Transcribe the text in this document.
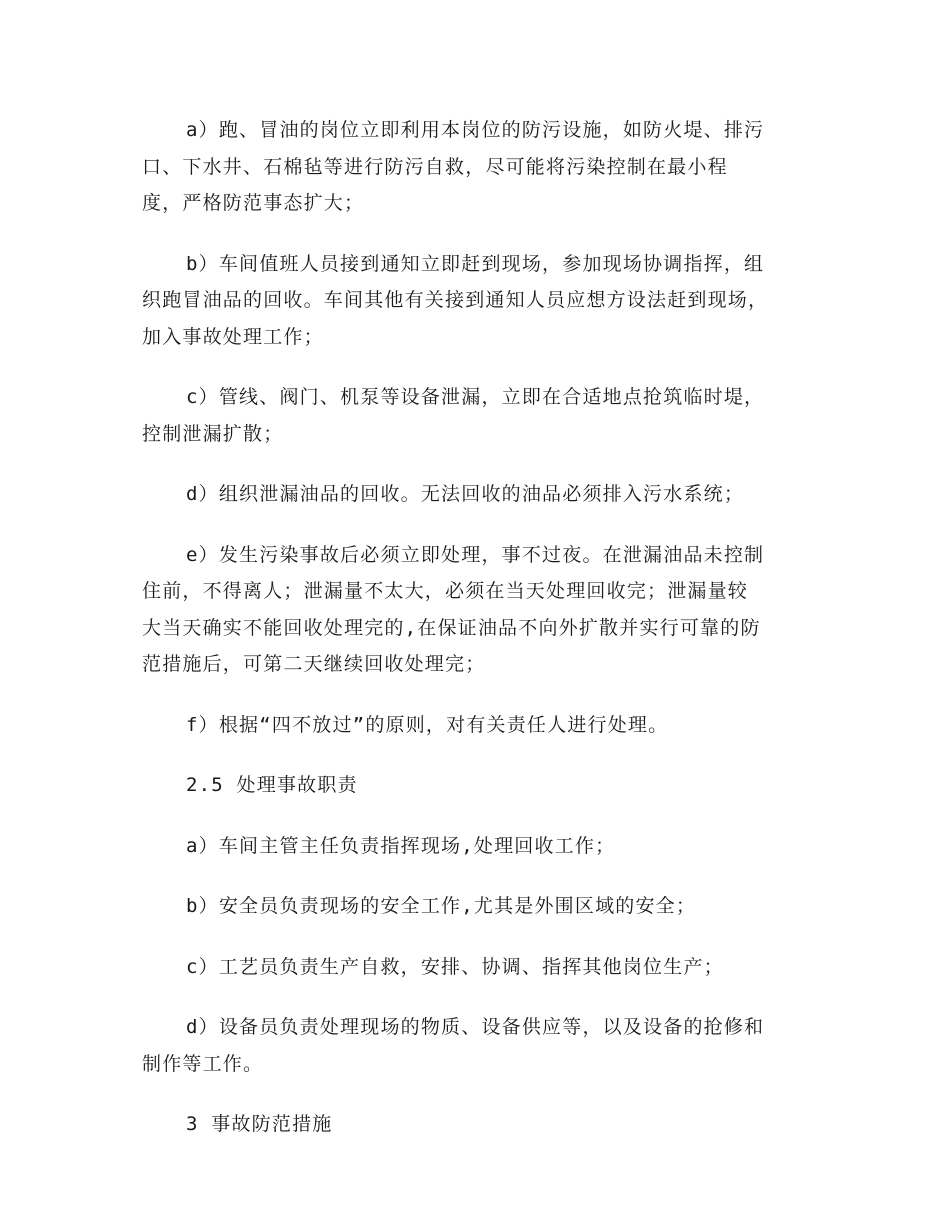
a）跑、冒油的岗位立即利用本岗位的防污设施，如防火堤、排污
口、下水井、石棉毡等进行防污自救，尽可能将污染控制在最小程
度，严格防范事态扩大；

b）车间值班人员接到通知立即赶到现场，参加现场协调指挥，组
织跑冒油品的回收。车间其他有关接到通知人员应想方设法赶到现场，
加入事故处理工作；

c）管线、阀门、机泵等设备泄漏，立即在合适地点抢筑临时堤，
控制泄漏扩散；

d）组织泄漏油品的回收。无法回收的油品必须排入污水系统；

e）发生污染事故后必须立即处理，事不过夜。在泄漏油品未控制
住前，不得离人；泄漏量不太大，必须在当天处理回收完；泄漏量较
大当天确实不能回收处理完的,在保证油品不向外扩散并实行可靠的防
范措施后，可第二天继续回收处理完；

f）根据“四不放过”的原则，对有关责任人进行处理。

2.5 处理事故职责

a）车间主管主任负责指挥现场,处理回收工作；

b）安全员负责现场的安全工作,尤其是外围区域的安全；

c）工艺员负责生产自救，安排、协调、指挥其他岗位生产；

d）设备员负责处理现场的物质、设备供应等，以及设备的抢修和
制作等工作。

3 事故防范措施
